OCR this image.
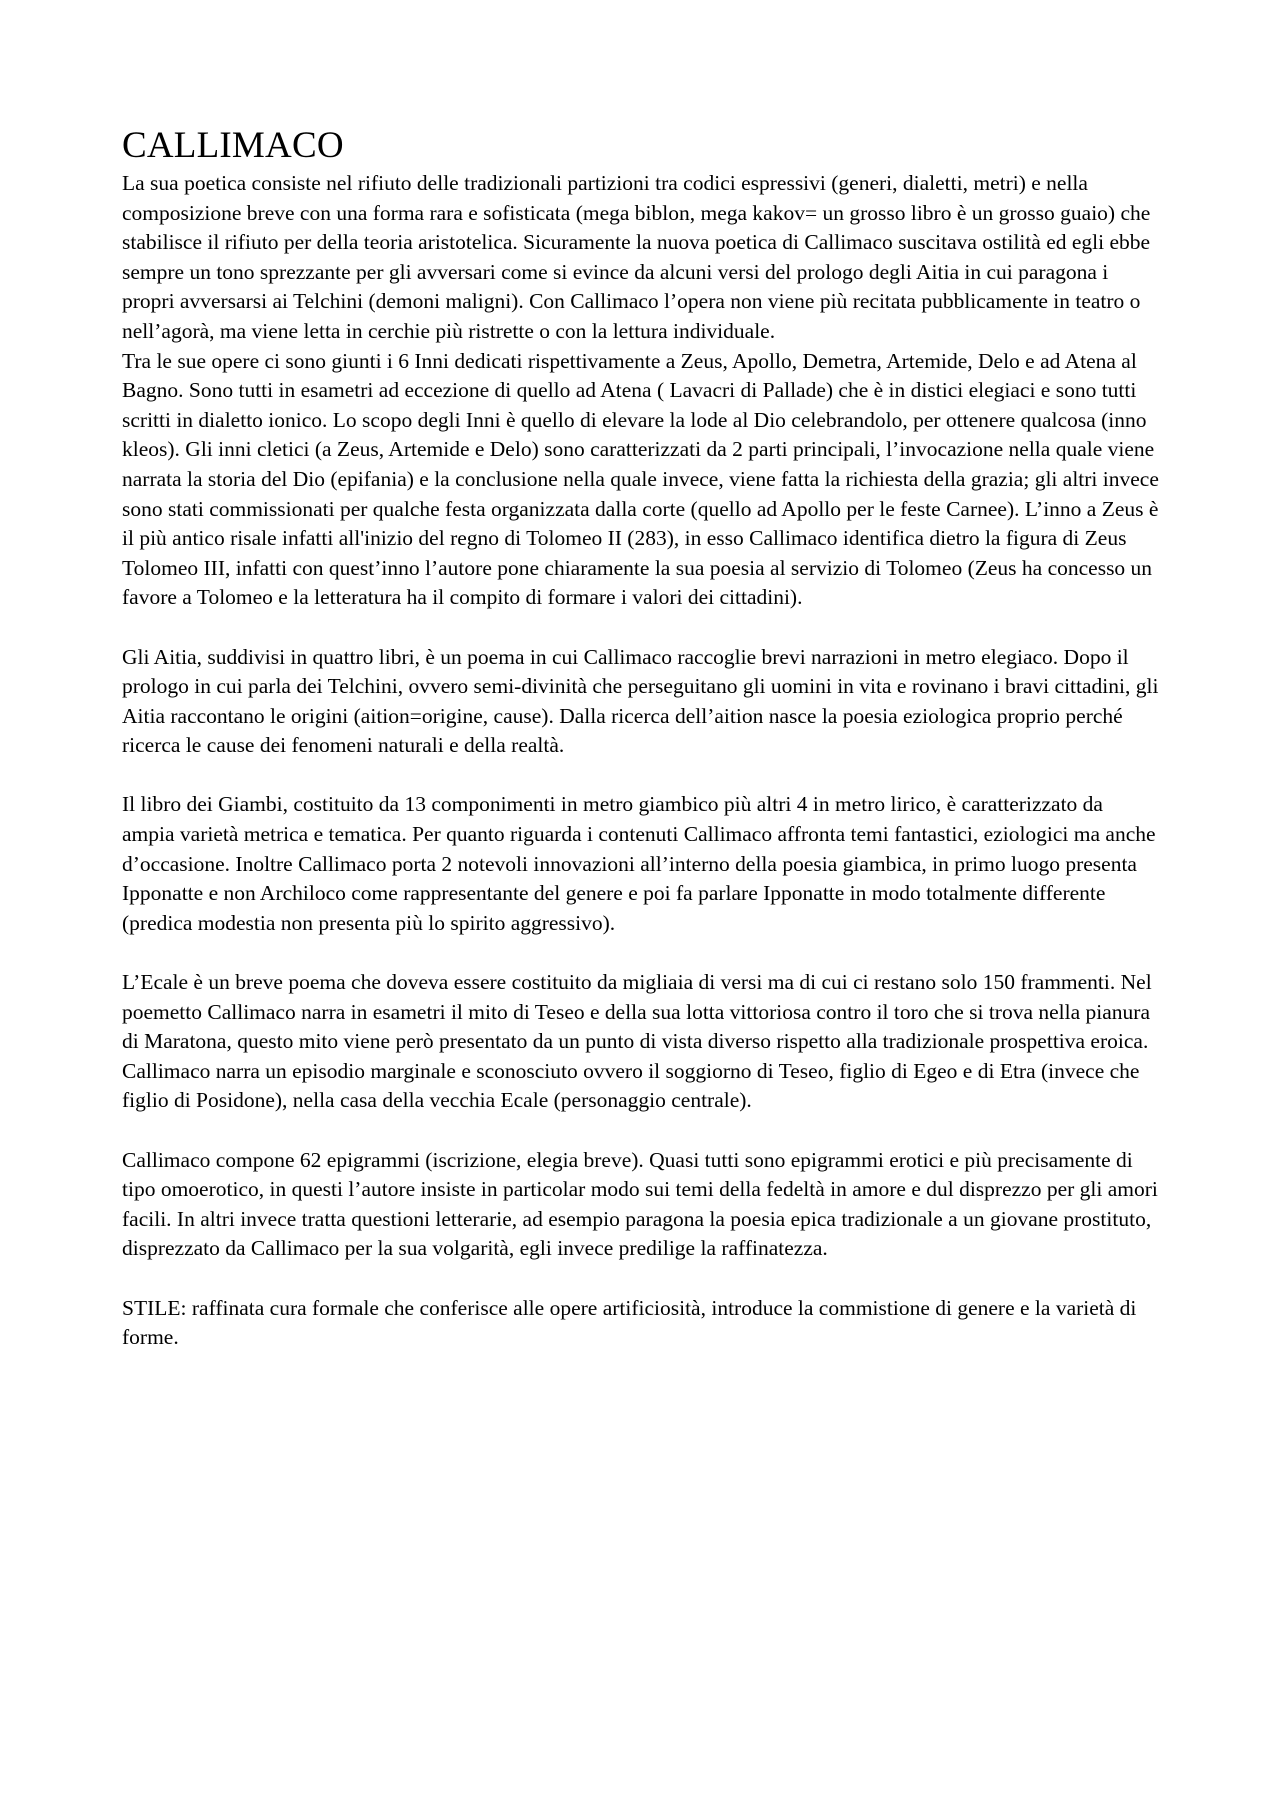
CALLIMACO

La sua poetica consiste nel rifiuto delle tradizionali partizioni tra codici espressivi (generi, dialetti, metri) e nella composizione breve con una forma rara e sofisticata (mega biblon, mega kakov= un grosso libro è un grosso guaio) che stabilisce il rifiuto per della teoria aristotelica. Sicuramente la nuova poetica di Callimaco suscitava ostilità ed egli ebbe sempre un tono sprezzante per gli avversari come si evince da alcuni versi del prologo degli Aitia in cui paragona i propri avversarsi ai Telchini (demoni maligni). Con Callimaco l’opera non viene più recitata pubblicamente in teatro o nell’agorà, ma viene letta in cerchie più ristrette o con la lettura individuale.

Tra le sue opere ci sono giunti i 6 Inni dedicati rispettivamente a Zeus, Apollo, Demetra, Artemide, Delo e ad Atena al Bagno. Sono tutti in esametri ad eccezione di quello ad Atena ( Lavacri di Pallade) che è in distici elegiaci e sono tutti scritti in dialetto ionico. Lo scopo degli Inni è quello di elevare la lode al Dio celebrandolo, per ottenere qualcosa (inno kleos). Gli inni cletici (a Zeus, Artemide e Delo) sono caratterizzati da 2 parti principali, l’invocazione nella quale viene narrata la storia del Dio (epifania) e la conclusione nella quale invece, viene fatta la richiesta della grazia; gli altri invece sono stati commissionati per qualche festa organizzata dalla corte (quello ad Apollo per le feste Carnee). L’inno a Zeus è il più antico risale infatti all'inizio del regno di Tolomeo II (283), in esso Callimaco identifica dietro la figura di Zeus Tolomeo III, infatti con quest’inno l’autore pone chiaramente la sua poesia al servizio di Tolomeo (Zeus ha concesso un favore a Tolomeo e la letteratura ha il compito di formare i valori dei cittadini).

Gli Aitia, suddivisi in quattro libri, è un poema in cui Callimaco raccoglie brevi narrazioni in metro elegiaco. Dopo il prologo in cui parla dei Telchini, ovvero semi-divinità che perseguitano gli uomini in vita e rovinano i bravi cittadini, gli Aitia raccontano le origini (aition=origine, cause). Dalla ricerca dell’aition nasce la poesia eziologica proprio perché ricerca le cause dei fenomeni naturali e della realtà.

Il libro dei Giambi, costituito da 13 componimenti in metro giambico più altri 4 in metro lirico, è caratterizzato da ampia varietà metrica e tematica. Per quanto riguarda i contenuti Callimaco affronta temi fantastici, eziologici ma anche d’occasione. Inoltre Callimaco porta 2 notevoli innovazioni all’interno della poesia giambica, in primo luogo presenta Ipponatte e non Archiloco come rappresentante del genere e poi fa parlare Ipponatte in modo totalmente differente (predica modestia non presenta più lo spirito aggressivo).

L’Ecale è un breve poema che doveva essere costituito da migliaia di versi ma di cui ci restano solo 150 frammenti. Nel poemetto Callimaco narra in esametri il mito di Teseo e della sua lotta vittoriosa contro il toro che si trova nella pianura di Maratona, questo mito viene però presentato da un punto di vista diverso rispetto alla tradizionale prospettiva eroica. Callimaco narra un episodio marginale e sconosciuto ovvero il soggiorno di Teseo, figlio di Egeo e di Etra (invece che figlio di Posidone), nella casa della vecchia Ecale (personaggio centrale).

Callimaco compone 62 epigrammi (iscrizione, elegia breve). Quasi tutti sono epigrammi erotici e più precisamente di tipo omoerotico, in questi l’autore insiste in particolar modo sui temi della fedeltà in amore e dul disprezzo per gli amori facili. In altri invece tratta questioni letterarie, ad esempio paragona la poesia epica tradizionale a un giovane prostituto, disprezzato da Callimaco per la sua volgarità, egli invece predilige la raffinatezza.

STILE: raffinata cura formale che conferisce alle opere artificiosità, introduce la commistione di genere e la varietà di forme.
